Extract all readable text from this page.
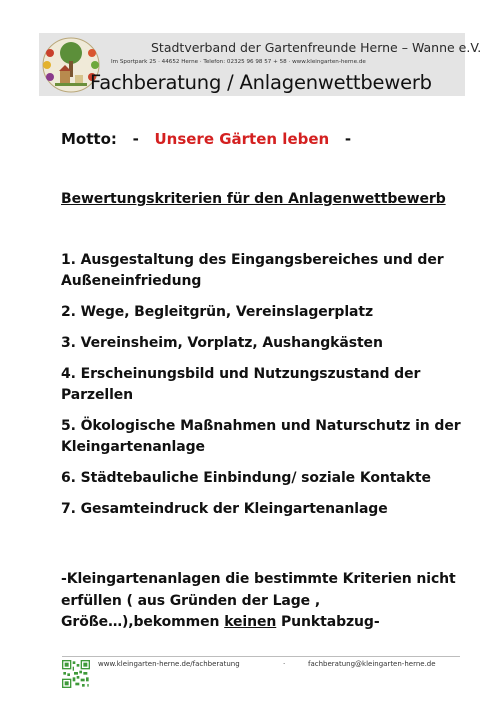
Stadtverband der Gartenfreunde Herne – Wanne e.V.
Im Sportpark 25 · 44652 Herne · Telefon: 02325 96 98 57 + 58 · www.kleingarten-herne.de
Fachberatung / Anlagenwettbewerb
Motto: - Unsere Gärten leben -
Bewertungskriterien für den Anlagenwettbewerb
1. Ausgestaltung des Eingangsbereiches und der Außeneinfriedung
2. Wege, Begleitgrün, Vereinslagerplatz
3. Vereinsheim, Vorplatz, Aushangkästen
4. Erscheinungsbild und Nutzungszustand der Parzellen
5. Ökologische Maßnahmen und Naturschutz in der Kleingartenanlage
6. Städtebauliche Einbindung/ soziale Kontakte
7. Gesamteindruck der Kleingartenanlage
-Kleingartenanlagen die bestimmte Kriterien nicht erfüllen ( aus Gründen der Lage , Größe…),bekommen keinen Punktabzug-
www.kleingarten-herne.de/fachberatung	·	fachberatung@kleingarten-herne.de
